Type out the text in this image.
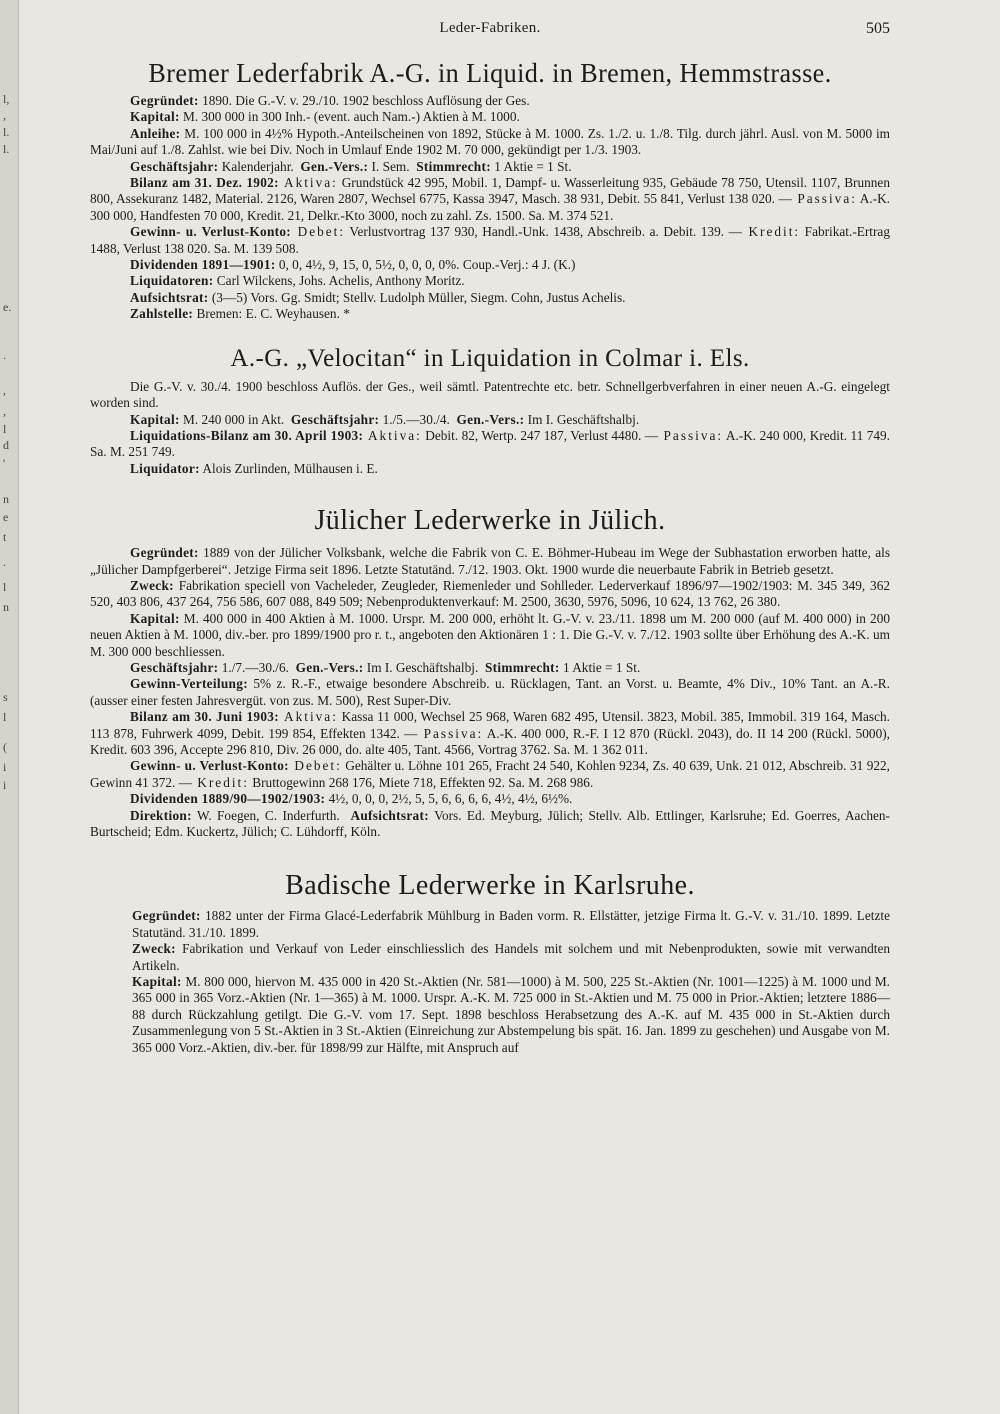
l,
,
l.
l.
e.
.
,
,
l
d
'
n
e
t
.
l
n
s
l
(
i
i
Leder-Fabriken.	505
Bremer Lederfabrik A.-G. in Liquid. in Bremen, Hemmstrasse.

Gegründet: 1890. Die G.-V. v. 29./10. 1902 beschloss Auflösung der Ges.

Kapital: M. 300 000 in 300 Inh.- (event. auch Nam.-) Aktien à M. 1000.

Anleihe: M. 100 000 in 4½% Hypoth.-Anteilscheinen von 1892, Stücke à M. 1000. Zs. 1./2. u. 1./8. Tilg. durch jährl. Ausl. von M. 5000 im Mai/Juni auf 1./8. Zahlst. wie bei Div. Noch in Umlauf Ende 1902 M. 70 000, gekündigt per 1./3. 1903.

Geschäftsjahr: Kalenderjahr. Gen.-Vers.: I. Sem. Stimmrecht: 1 Aktie = 1 St.

Bilanz am 31. Dez. 1902: Aktiva: Grundstück 42 995, Mobil. 1, Dampf- u. Wasserleitung 935, Gebäude 78 750, Utensil. 1107, Brunnen 800, Assekuranz 1482, Material. 2126, Waren 2807, Wechsel 6775, Kassa 3947, Masch. 38 931, Debit. 55 841, Verlust 138 020. — Passiva: A.-K. 300 000, Handfesten 70 000, Kredit. 21, Delkr.-Kto 3000, noch zu zahl. Zs. 1500. Sa. M. 374 521.

Gewinn- u. Verlust-Konto: Debet: Verlustvortrag 137 930, Handl.-Unk. 1438, Abschreib. a. Debit. 139. — Kredit: Fabrikat.-Ertrag 1488, Verlust 138 020. Sa. M. 139 508.

Dividenden 1891—1901: 0, 0, 4½, 9, 15, 0, 5½, 0, 0, 0, 0%. Coup.-Verj.: 4 J. (K.)

Liquidatoren: Carl Wilckens, Johs. Achelis, Anthony Moritz.

Aufsichtsrat: (3—5) Vors. Gg. Smidt; Stellv. Ludolph Müller, Siegm. Cohn, Justus Achelis.

Zahlstelle: Bremen: E. C. Weyhausen. *

A.-G. „Velocitan“ in Liquidation in Colmar i. Els.

Die G.-V. v. 30./4. 1900 beschloss Auflös. der Ges., weil sämtl. Patentrechte etc. betr. Schnellgerbverfahren in einer neuen A.-G. eingelegt worden sind.

Kapital: M. 240 000 in Akt. Geschäftsjahr: 1./5.—30./4. Gen.-Vers.: Im I. Geschäftshalbj.

Liquidations-Bilanz am 30. April 1903: Aktiva: Debit. 82, Wertp. 247 187, Verlust 4480. — Passiva: A.-K. 240 000, Kredit. 11 749. Sa. M. 251 749.

Liquidator: Alois Zurlinden, Mülhausen i. E.

Jülicher Lederwerke in Jülich.

Gegründet: 1889 von der Jülicher Volksbank, welche die Fabrik von C. E. Böhmer-Hubeau im Wege der Subhastation erworben hatte, als „Jülicher Dampfgerberei“. Jetzige Firma seit 1896. Letzte Statutänd. 7./12. 1903. Okt. 1900 wurde die neuerbaute Fabrik in Betrieb gesetzt.

Zweck: Fabrikation speciell von Vacheleder, Zeugleder, Riemenleder und Sohlleder. Lederverkauf 1896/97—1902/1903: M. 345 349, 362 520, 403 806, 437 264, 756 586, 607 088, 849 509; Nebenproduktenverkauf: M. 2500, 3630, 5976, 5096, 10 624, 13 762, 26 380.

Kapital: M. 400 000 in 400 Aktien à M. 1000. Urspr. M. 200 000, erhöht lt. G.-V. v. 23./11. 1898 um M. 200 000 (auf M. 400 000) in 200 neuen Aktien à M. 1000, div.-ber. pro 1899/1900 pro r. t., angeboten den Aktionären 1 : 1. Die G.-V. v. 7./12. 1903 sollte über Erhöhung des A.-K. um M. 300 000 beschliessen.

Geschäftsjahr: 1./7.—30./6. Gen.-Vers.: Im I. Geschäftshalbj. Stimmrecht: 1 Aktie = 1 St.

Gewinn-Verteilung: 5% z. R.-F., etwaige besondere Abschreib. u. Rücklagen, Tant. an Vorst. u. Beamte, 4% Div., 10% Tant. an A.-R. (ausser einer festen Jahresvergüt. von zus. M. 500), Rest Super-Div.

Bilanz am 30. Juni 1903: Aktiva: Kassa 11 000, Wechsel 25 968, Waren 682 495, Utensil. 3823, Mobil. 385, Immobil. 319 164, Masch. 113 878, Fuhrwerk 4099, Debit. 199 854, Effekten 1342. — Passiva: A.-K. 400 000, R.-F. I 12 870 (Rückl. 2043), do. II 14 200 (Rückl. 5000), Kredit. 603 396, Accepte 296 810, Div. 26 000, do. alte 405, Tant. 4566, Vortrag 3762. Sa. M. 1 362 011.

Gewinn- u. Verlust-Konto: Debet: Gehälter u. Löhne 101 265, Fracht 24 540, Kohlen 9234, Zs. 40 639, Unk. 21 012, Abschreib. 31 922, Gewinn 41 372. — Kredit: Bruttogewinn 268 176, Miete 718, Effekten 92. Sa. M. 268 986.

Dividenden 1889/90—1902/1903: 4½, 0, 0, 0, 2½, 5, 5, 6, 6, 6, 6, 4½, 4½, 6½%.

Direktion: W. Foegen, C. Inderfurth. Aufsichtsrat: Vors. Ed. Meyburg, Jülich; Stellv. Alb. Ettlinger, Karlsruhe; Ed. Goerres, Aachen-Burtscheid; Edm. Kuckertz, Jülich; C. Lühdorff, Köln.

Badische Lederwerke in Karlsruhe.

Gegründet: 1882 unter der Firma Glacé-Lederfabrik Mühlburg in Baden vorm. R. Ellstätter, jetzige Firma lt. G.-V. v. 31./10. 1899. Letzte Statutänd. 31./10. 1899.

Zweck: Fabrikation und Verkauf von Leder einschliesslich des Handels mit solchem und mit Nebenprodukten, sowie mit verwandten Artikeln.

Kapital: M. 800 000, hiervon M. 435 000 in 420 St.-Aktien (Nr. 581—1000) à M. 500, 225 St.-Aktien (Nr. 1001—1225) à M. 1000 und M. 365 000 in 365 Vorz.-Aktien (Nr. 1—365) à M. 1000. Urspr. A.-K. M. 725 000 in St.-Aktien und M. 75 000 in Prior.-Aktien; letztere 1886—88 durch Rückzahlung getilgt. Die G.-V. vom 17. Sept. 1898 beschloss Herabsetzung des A.-K. auf M. 435 000 in St.-Aktien durch Zusammenlegung von 5 St.-Aktien in 3 St.-Aktien (Einreichung zur Abstempelung bis spät. 16. Jan. 1899 zu geschehen) und Ausgabe von M. 365 000 Vorz.-Aktien, div.-ber. für 1898/99 zur Hälfte, mit Anspruch auf
